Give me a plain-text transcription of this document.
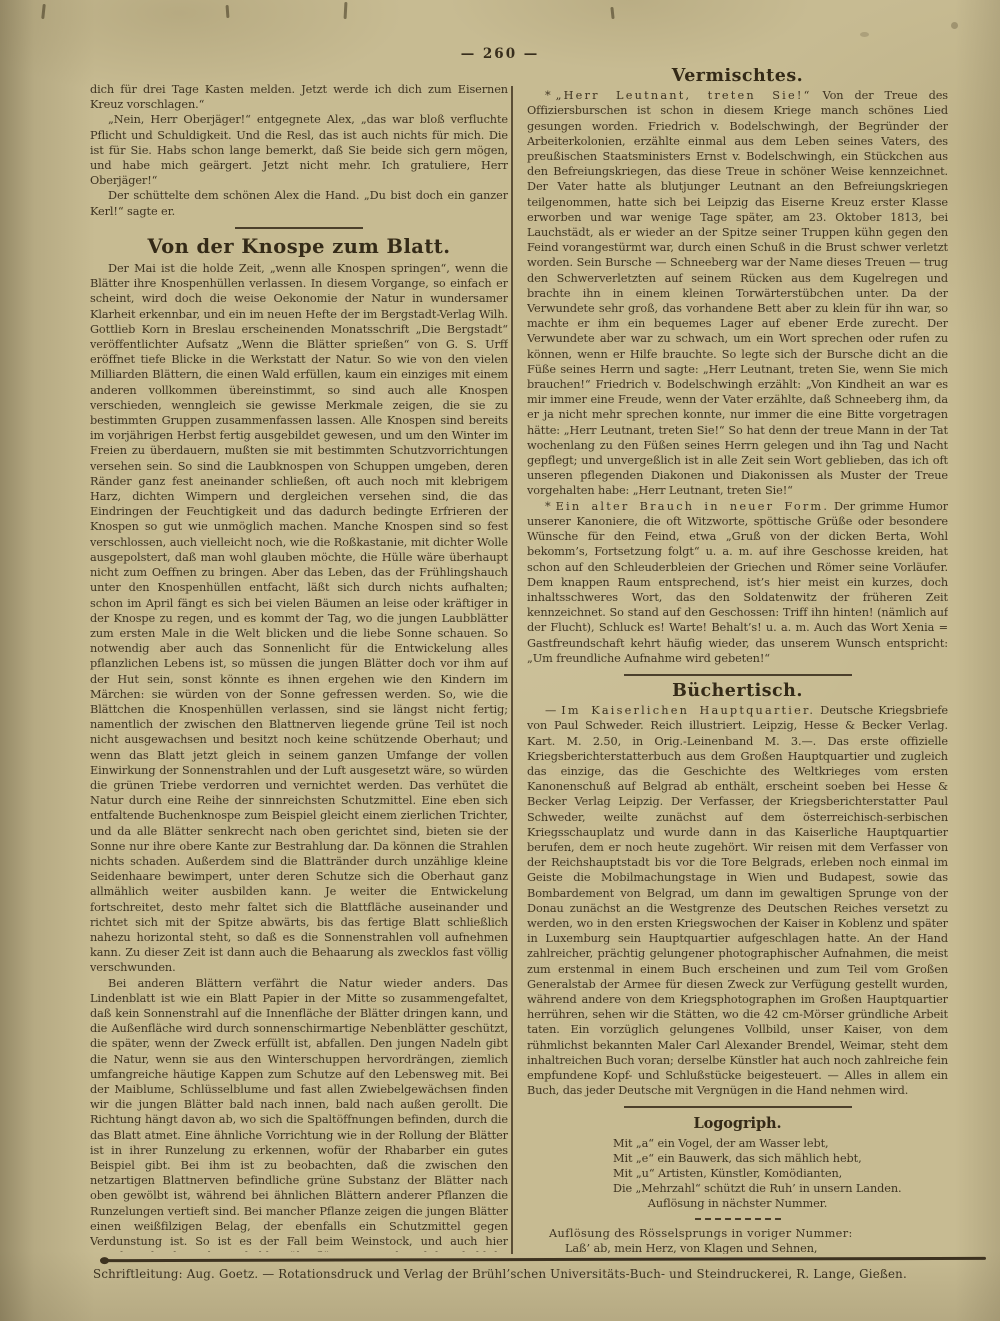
— 260 —

dich für drei Tage Kasten melden. Jetzt werde ich dich zum Eisernen Kreuz vorschlagen.“

„Nein, Herr Oberjäger!“ entgegnete Alex, „das war bloß verfluchte Pflicht und Schuldigkeit. Und die Resl, das ist auch nichts für mich. Die ist für Sie. Habs schon lange bemerkt, daß Sie beide sich gern mögen, und habe mich geärgert. Jetzt nicht mehr. Ich gratuliere, Herr Oberjäger!“

Der schüttelte dem schönen Alex die Hand. „Du bist doch ein ganzer Kerl!“ sagte er.

Von der Knospe zum Blatt.

Der Mai ist die holde Zeit, „wenn alle Knospen springen“, wenn die Blätter ihre Knospenhüllen verlassen. In diesem Vorgange, so einfach er scheint, wird doch die weise Oekonomie der Natur in wundersamer Klarheit erkennbar, und ein im neuen Hefte der im Bergstadt-Verlag Wilh. Gottlieb Korn in Breslau erscheinenden Monatsschrift „Die Bergstadt“ veröffentlichter Aufsatz „Wenn die Blätter sprießen“ von G. S. Urff eröffnet tiefe Blicke in die Werkstatt der Natur. So wie von den vielen Milliarden Blättern, die einen Wald erfüllen, kaum ein einziges mit einem anderen vollkommen übereinstimmt, so sind auch alle Knospen verschieden, wenngleich sie gewisse Merkmale zeigen, die sie zu bestimmten Gruppen zusammenfassen lassen. Alle Knospen sind bereits im vorjährigen Herbst fertig ausgebildet gewesen, und um den Winter im Freien zu überdauern, mußten sie mit bestimmten Schutzvorrichtungen versehen sein. So sind die Laubknospen von Schuppen umgeben, deren Ränder ganz fest aneinander schließen, oft auch noch mit klebrigem Harz, dichten Wimpern und dergleichen versehen sind, die das Eindringen der Feuchtigkeit und das dadurch bedingte Erfrieren der Knospen so gut wie unmöglich machen. Manche Knospen sind so fest verschlossen, auch vielleicht noch, wie die Roßkastanie, mit dichter Wolle ausgepolstert, daß man wohl glauben möchte, die Hülle wäre überhaupt nicht zum Oeffnen zu bringen. Aber das Leben, das der Frühlingshauch unter den Knospenhüllen entfacht, läßt sich durch nichts aufhalten; schon im April fängt es sich bei vielen Bäumen an leise oder kräftiger in der Knospe zu regen, und es kommt der Tag, wo die jungen Laubblätter zum ersten Male in die Welt blicken und die liebe Sonne schauen. So notwendig aber auch das Sonnenlicht für die Entwickelung alles pflanzlichen Lebens ist, so müssen die jungen Blätter doch vor ihm auf der Hut sein, sonst könnte es ihnen ergehen wie den Kindern im Märchen: sie würden von der Sonne gefressen werden. So, wie die Blättchen die Knospenhüllen verlassen, sind sie längst nicht fertig; namentlich der zwischen den Blattnerven liegende grüne Teil ist noch nicht ausgewachsen und besitzt noch keine schützende Oberhaut; und wenn das Blatt jetzt gleich in seinem ganzen Umfange der vollen Einwirkung der Sonnenstrahlen und der Luft ausgesetzt wäre, so würden die grünen Triebe verdorren und vernichtet werden. Das verhütet die Natur durch eine Reihe der sinnreichsten Schutzmittel. Eine eben sich entfaltende Buchenknospe zum Beispiel gleicht einem zierlichen Trichter, und da alle Blätter senkrecht nach oben gerichtet sind, bieten sie der Sonne nur ihre obere Kante zur Bestrahlung dar. Da können die Strahlen nichts schaden. Außerdem sind die Blattränder durch unzählige kleine Seidenhaare bewimpert, unter deren Schutze sich die Oberhaut ganz allmählich weiter ausbilden kann. Je weiter die Entwickelung fortschreitet, desto mehr faltet sich die Blattfläche auseinander und richtet sich mit der Spitze abwärts, bis das fertige Blatt schließlich nahezu horizontal steht, so daß es die Sonnenstrahlen voll aufnehmen kann. Zu dieser Zeit ist dann auch die Behaarung als zwecklos fast völlig verschwunden.

Bei anderen Blättern verfährt die Natur wieder anders. Das Lindenblatt ist wie ein Blatt Papier in der Mitte so zusammengefaltet, daß kein Sonnenstrahl auf die Innenfläche der Blätter dringen kann, und die Außenfläche wird durch sonnenschirmartige Nebenblätter geschützt, die später, wenn der Zweck erfüllt ist, abfallen. Den jungen Nadeln gibt die Natur, wenn sie aus den Winterschuppen hervordrängen, ziemlich umfangreiche häutige Kappen zum Schutze auf den Lebensweg mit. Bei der Maiblume, Schlüsselblume und fast allen Zwiebelgewächsen finden wir die jungen Blätter bald nach innen, bald nach außen gerollt. Die Richtung hängt davon ab, wo sich die Spaltöffnungen befinden, durch die das Blatt atmet. Eine ähnliche Vorrichtung wie in der Rollung der Blätter ist in ihrer Runzelung zu erkennen, wofür der Rhabarber ein gutes Beispiel gibt. Bei ihm ist zu beobachten, daß die zwischen den netzartigen Blattnerven befindliche grüne Substanz der Blätter nach oben gewölbt ist, während bei ähnlichen Blättern anderer Pflanzen die Runzelungen vertieft sind. Bei mancher Pflanze zeigen die jungen Blätter einen weißfilzigen Belag, der ebenfalls ein Schutzmittel gegen Verdunstung ist. So ist es der Fall beim Weinstock, und auch hier

Vermischtes.

* „Herr Leutnant, treten Sie!“ Von der Treue des Offiziersburschen ist schon in diesem Kriege manch schönes Lied gesungen worden. Friedrich v. Bodelschwingh, der Begründer der Arbeiterkolonien, erzählte einmal aus dem Leben seines Vaters, des preußischen Staatsministers Ernst v. Bodelschwingh, ein Stückchen aus den Befreiungskriegen, das diese Treue in schöner Weise kennzeichnet. Der Vater hatte als blutjunger Leutnant an den Befreiungskriegen teilgenommen, hatte sich bei Leipzig das Eiserne Kreuz erster Klasse erworben und war wenige Tage später, am 23. Oktober 1813, bei Lauchstädt, als er wieder an der Spitze seiner Truppen kühn gegen den Feind vorangestürmt war, durch einen Schuß in die Brust schwer verletzt worden. Sein Bursche — Schneeberg war der Name dieses Treuen — trug den Schwerverletzten auf seinem Rücken aus dem Kugelregen und brachte ihn in einem kleinen Torwärterstübchen unter. Da der Verwundete sehr groß, das vorhandene Bett aber zu klein für ihn war, so machte er ihm ein bequemes Lager auf ebener Erde zurecht. Der Verwundete aber war zu schwach, um ein Wort sprechen oder rufen zu können, wenn er Hilfe brauchte. So legte sich der Bursche dicht an die Füße seines Herrn und sagte: „Herr Leutnant, treten Sie, wenn Sie mich brauchen!“ Friedrich v. Bodelschwingh erzählt: „Von Kindheit an war es mir immer eine Freude, wenn der Vater erzählte, daß Schneeberg ihm, da er ja nicht mehr sprechen konnte, nur immer die eine Bitte vorgetragen hätte: „Herr Leutnant, treten Sie!“ So hat denn der treue Mann in der Tat wochenlang zu den Füßen seines Herrn gelegen und ihn Tag und Nacht gepflegt; und unvergeßlich ist in alle Zeit sein Wort geblieben, das ich oft unseren pflegenden Diakonen und Diakonissen als Muster der Treue vorgehalten habe: „Herr Leutnant, treten Sie!“

* Ein alter Brauch in neuer Form. Der grimme Humor unserer Kanoniere, die oft Witzworte, spöttische Grüße oder besondere Wünsche für den Feind, etwa „Gruß von der dicken Berta, Wohl bekomm’s, Fortsetzung folgt“ u. a. m. auf ihre Geschosse kreiden, hat schon auf den Schleuderbleien der Griechen und Römer seine Vorläufer. Dem knappen Raum entsprechend, ist’s hier meist ein kurzes, doch inhaltsschweres Wort, das den Soldatenwitz der früheren Zeit kennzeichnet. So stand auf den Geschossen: Triff ihn hinten! (nämlich auf der Flucht), Schluck es! Warte! Behalt’s! u. a. m. Auch das Wort Xenia = Gastfreundschaft kehrt häufig wieder, das unserem Wunsch entspricht: „Um freundliche Aufnahme wird gebeten!“

Büchertisch.

— Im Kaiserlichen Hauptquartier. Deutsche Kriegsbriefe von Paul Schweder. Reich illustriert. Leipzig, Hesse & Becker Verlag. Kart. M. 2.50, in Orig.-Leinenband M. 3.—. Das erste offizielle Kriegsberichterstatterbuch aus dem Großen Hauptquartier und zugleich das einzige, das die Geschichte des Weltkrieges vom ersten Kanonenschuß auf Belgrad ab enthält, erscheint soeben bei Hesse & Becker Verlag Leipzig. Der Verfasser, der Kriegsberichterstatter Paul Schweder, weilte zunächst auf dem österreichisch-serbischen Kriegsschauplatz und wurde dann in das Kaiserliche Hauptquartier berufen, dem er noch heute zugehört. Wir reisen mit dem Verfasser von der Reichshauptstadt bis vor die Tore Belgrads, erleben noch einmal im Geiste die Mobilmachungstage in Wien und Budapest, sowie das Bombardement von Belgrad, um dann im gewaltigen Sprunge von der Donau zunächst an die Westgrenze des Deutschen Reiches versetzt zu werden, wo in den ersten Kriegswochen der Kaiser in Koblenz und später in Luxemburg sein Hauptquartier aufgeschlagen hatte. An der Hand zahlreicher, prächtig gelungener photographischer Aufnahmen, die meist zum erstenmal in einem Buch erscheinen und zum Teil vom Großen Generalstab der Armee für diesen Zweck zur Verfügung gestellt wurden, während andere von dem Kriegsphotographen im Großen Hauptquartier herrühren, sehen wir die Stätten, wo die 42 cm-Mörser gründliche Arbeit taten. Ein vorzüglich gelungenes Vollbild, unser Kaiser, von dem rühmlichst bekannten Maler Carl Alexander Brendel, Weimar, steht dem inhaltreichen Buch voran; derselbe Künstler hat auch noch zahlreiche fein empfundene Kopf- und Schlußstücke beigesteuert. — Alles in allem ein Buch, das jeder Deutsche mit Vergnügen in die Hand nehmen wird.

Logogriph.

Mit „a“ ein Vogel, der am Wasser lebt,

Mit „e“ ein Bauwerk, das sich mählich hebt,

Mit „u“ Artisten, Künstler, Komödianten,

Die „Mehrzahl“ schützt die Ruh’ in unsern Landen.

Auflösung in nächster Nummer.

Auflösung des Rösselsprungs in voriger Nummer:

Laß’ ab, mein Herz, von Klagen und Sehnen,

Schriftleitung: Aug. Goetz. — Rotationsdruck und Verlag der Brühl’schen Universitäts-Buch- und Steindruckerei, R. Lange, Gießen.
